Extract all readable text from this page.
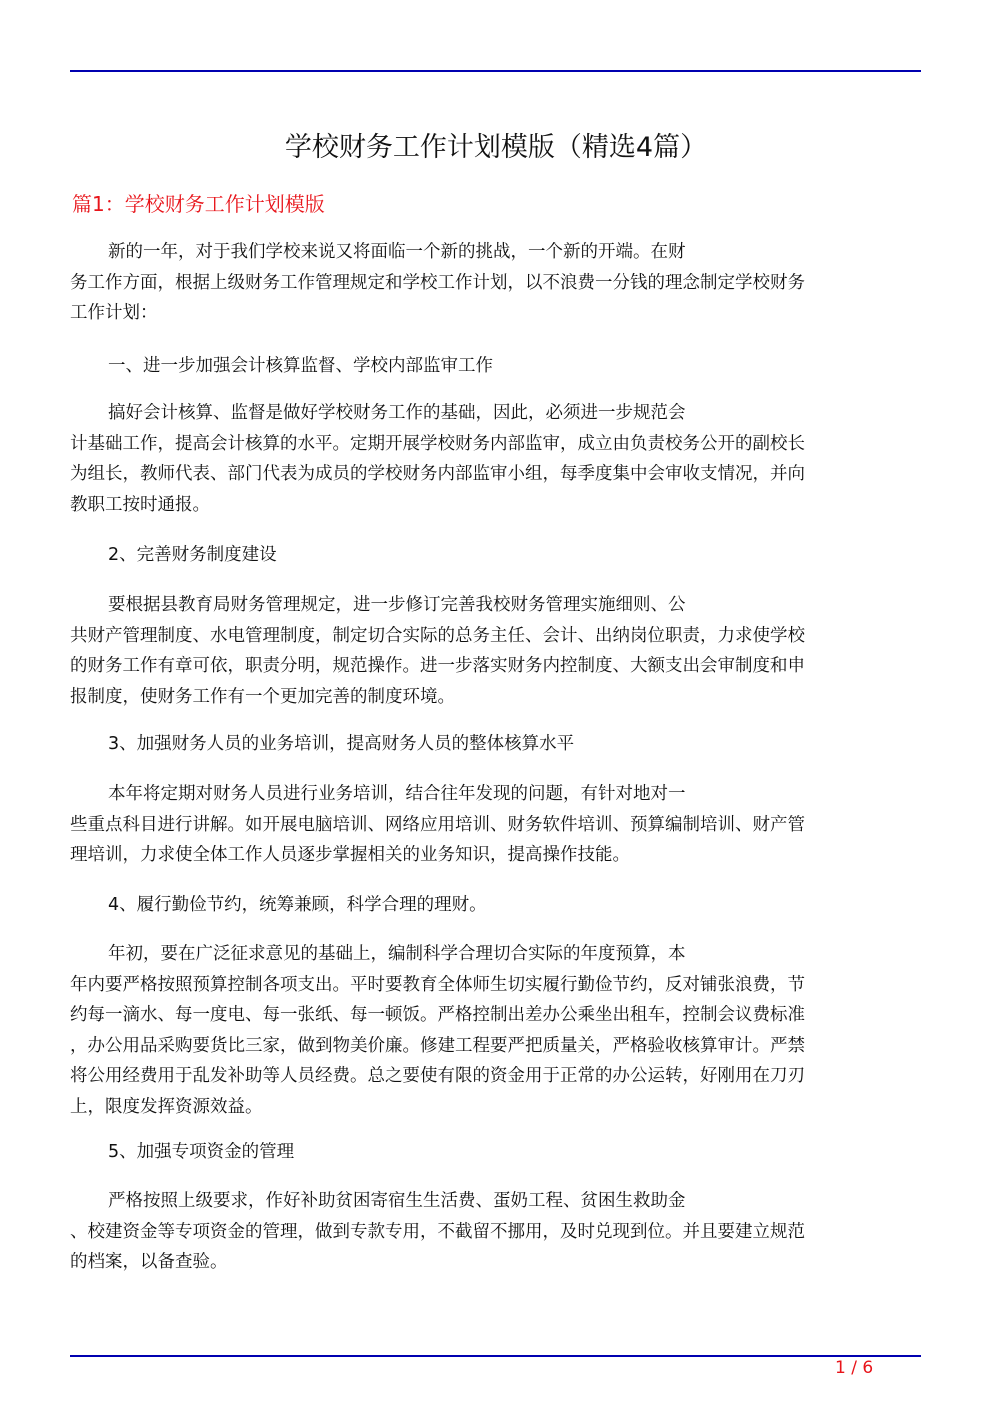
学校财务工作计划模版（精选4篇）
篇1：学校财务工作计划模版
新的一年，对于我们学校来说又将面临一个新的挑战，一个新的开端。在财
务工作方面，根据上级财务工作管理规定和学校工作计划，以不浪费一分钱的理念制定学校财务
工作计划：
一、进一步加强会计核算监督、学校内部监审工作
搞好会计核算、监督是做好学校财务工作的基础，因此，必须进一步规范会
计基础工作，提高会计核算的水平。定期开展学校财务内部监审，成立由负责校务公开的副校长
为组长，教师代表、部门代表为成员的学校财务内部监审小组，每季度集中会审收支情况，并向
教职工按时通报。
2、完善财务制度建设
要根据县教育局财务管理规定，进一步修订完善我校财务管理实施细则、公
共财产管理制度、水电管理制度，制定切合实际的总务主任、会计、出纳岗位职责，力求使学校
的财务工作有章可依，职责分明，规范操作。进一步落实财务内控制度、大额支出会审制度和申
报制度，使财务工作有一个更加完善的制度环境。
3、加强财务人员的业务培训，提高财务人员的整体核算水平
本年将定期对财务人员进行业务培训，结合往年发现的问题，有针对地对一
些重点科目进行讲解。如开展电脑培训、网络应用培训、财务软件培训、预算编制培训、财产管
理培训，力求使全体工作人员逐步掌握相关的业务知识，提高操作技能。
4、履行勤俭节约，统筹兼顾，科学合理的理财。
年初，要在广泛征求意见的基础上，编制科学合理切合实际的年度预算，本
年内要严格按照预算控制各项支出。平时要教育全体师生切实履行勤俭节约，反对铺张浪费，节
约每一滴水、每一度电、每一张纸、每一顿饭。严格控制出差办公乘坐出租车，控制会议费标准
，办公用品采购要货比三家，做到物美价廉。修建工程要严把质量关，严格验收核算审计。严禁
将公用经费用于乱发补助等人员经费。总之要使有限的资金用于正常的办公运转，好刚用在刀刃
上，限度发挥资源效益。
5、加强专项资金的管理
严格按照上级要求，作好补助贫困寄宿生生活费、蛋奶工程、贫困生救助金
、校建资金等专项资金的管理，做到专款专用，不截留不挪用，及时兑现到位。并且要建立规范
的档案，以备查验。
1 / 6
